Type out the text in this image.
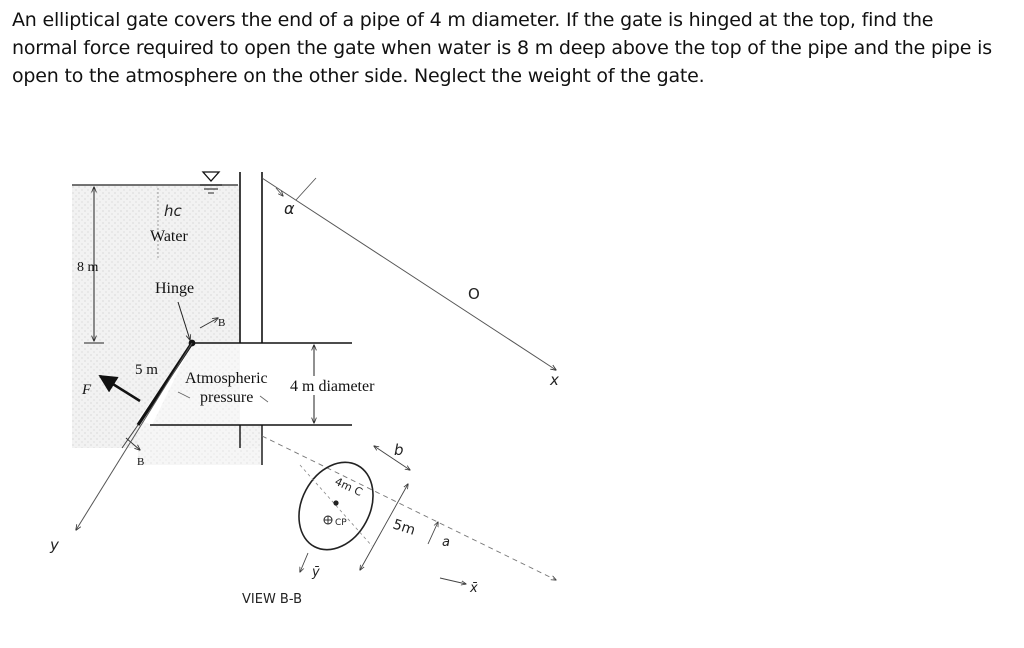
An elliptical gate covers the end of a pipe of 4 m diameter. If the gate is hinged at the top, find the
normal force required to open the gate when water is 8 m deep above the top of the pipe and the pipe is
open to the atmosphere on the other side. Neglect the weight of the gate.
8 m
hc
Water
Hinge
B
B
5 m
F
Atmospheric
pressure
4 m diameter
α
O
x
y
b
5m
a
4m C
CP
ȳ
x̄
VIEW B-B
